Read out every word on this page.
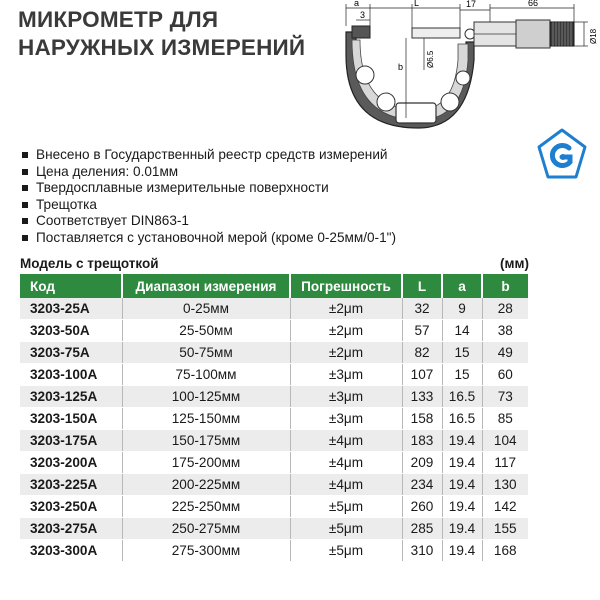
МИКРОМЕТР ДЛЯ
НАРУЖНЫХ ИЗМЕРЕНИЙ
a	L	17	66
3
b	Ø6.5
Ø18
Внесено в Государственный реестр средств измерений
Цена деления: 0.01мм
Твердосплавные измерительные поверхности
Трещотка
Соответствует DIN863-1
Поставляется с установочной мерой (кроме 0-25мм/0-1")
Модель с трещоткой	(мм)
Код	Диапазон измерения	Погрешность	L	a	b
3203-25A	0-25мм	±2μm	32	9	28
3203-50A	25-50мм	±2μm	57	14	38
3203-75A	50-75мм	±2μm	82	15	49
3203-100A	75-100мм	±3μm	107	15	60
3203-125A	100-125мм	±3μm	133	16.5	73
3203-150A	125-150мм	±3μm	158	16.5	85
3203-175A	150-175мм	±4μm	183	19.4	104
3203-200A	175-200мм	±4μm	209	19.4	117
3203-225A	200-225мм	±4μm	234	19.4	130
3203-250A	225-250мм	±5μm	260	19.4	142
3203-275A	250-275мм	±5μm	285	19.4	155
3203-300A	275-300мм	±5μm	310	19.4	168
